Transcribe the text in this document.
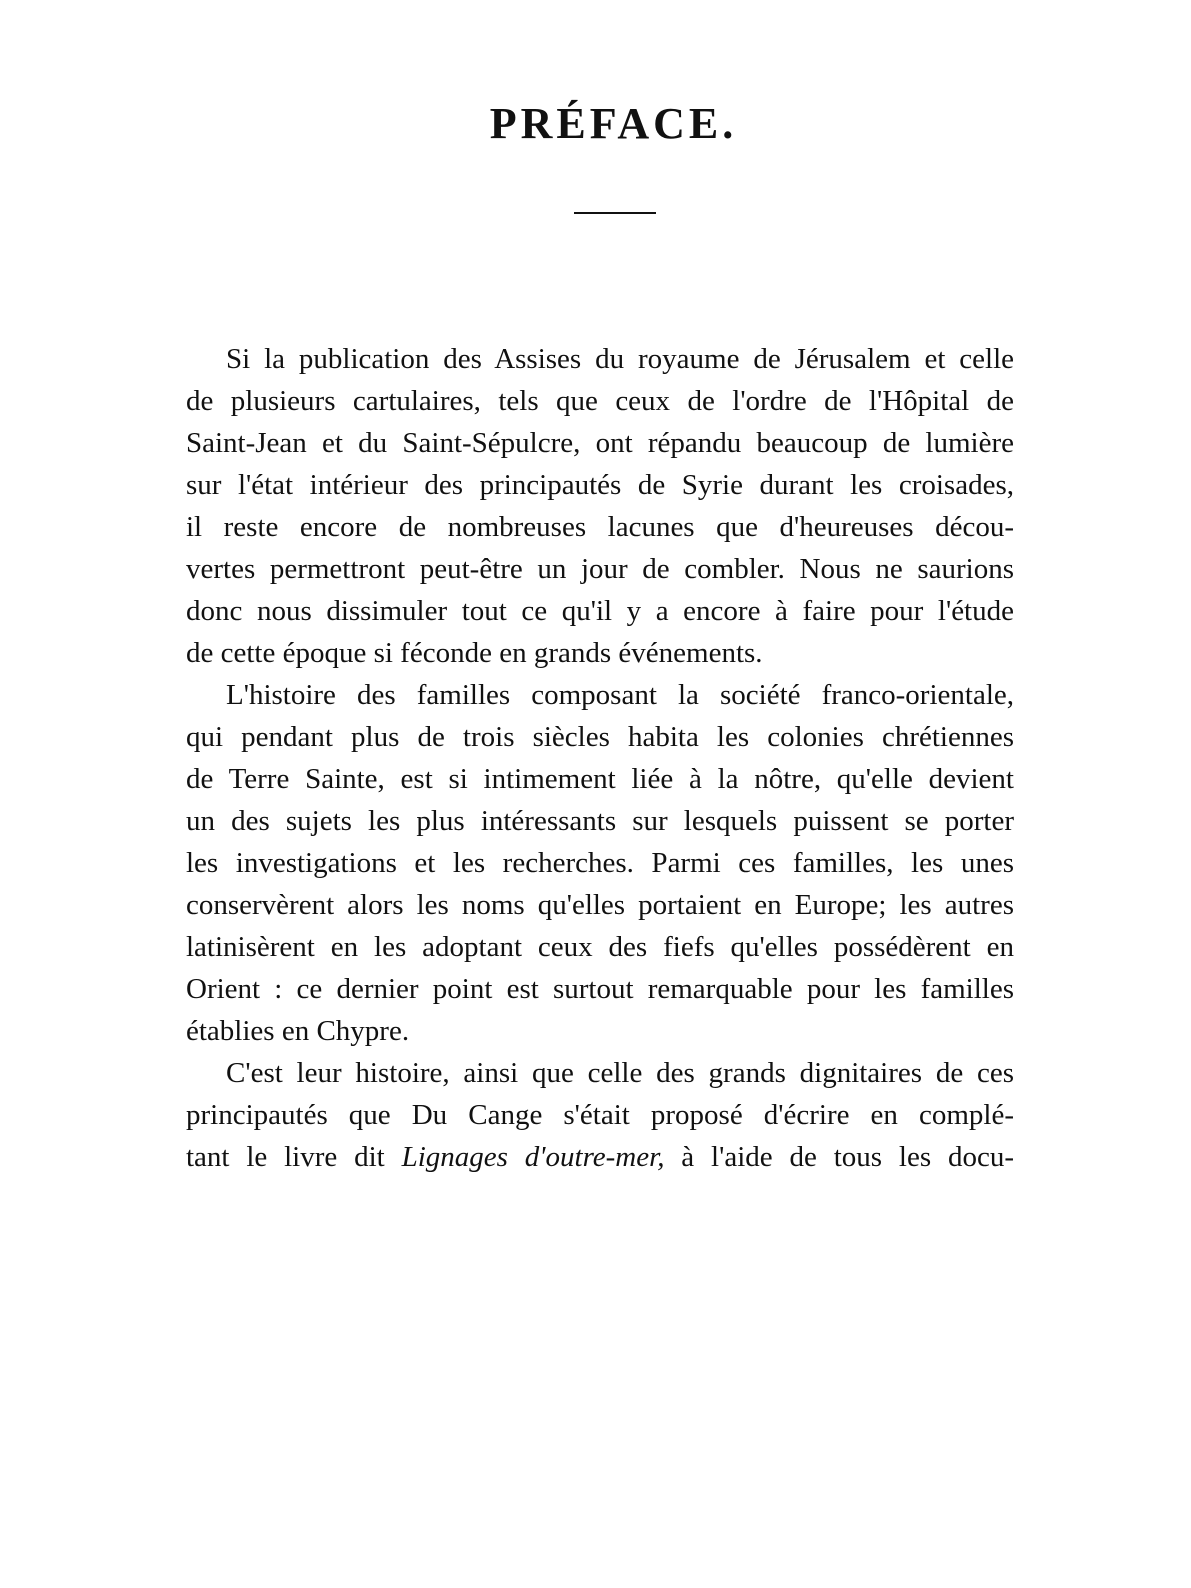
PRÉFACE.
Si la publication des Assises du royaume de Jérusalem et celle
de plusieurs cartulaires, tels que ceux de l'ordre de l'Hôpital de
Saint-Jean et du Saint-Sépulcre, ont répandu beaucoup de lumière
sur l'état intérieur des principautés de Syrie durant les croisades,
il reste encore de nombreuses lacunes que d'heureuses décou-
vertes permettront peut-être un jour de combler. Nous ne saurions
donc nous dissimuler tout ce qu'il y a encore à faire pour l'étude
de cette époque si féconde en grands événements.
L'histoire des familles composant la société franco-orientale,
qui pendant plus de trois siècles habita les colonies chrétiennes
de Terre Sainte, est si intimement liée à la nôtre, qu'elle devient
un des sujets les plus intéressants sur lesquels puissent se porter
les investigations et les recherches. Parmi ces familles, les unes
conservèrent alors les noms qu'elles portaient en Europe; les autres
latinisèrent en les adoptant ceux des fiefs qu'elles possédèrent en
Orient : ce dernier point est surtout remarquable pour les familles
établies en Chypre.
C'est leur histoire, ainsi que celle des grands dignitaires de ces
principautés que Du Cange s'était proposé d'écrire en complé-
tant le livre dit Lignages d'outre-mer, à l'aide de tous les docu-
